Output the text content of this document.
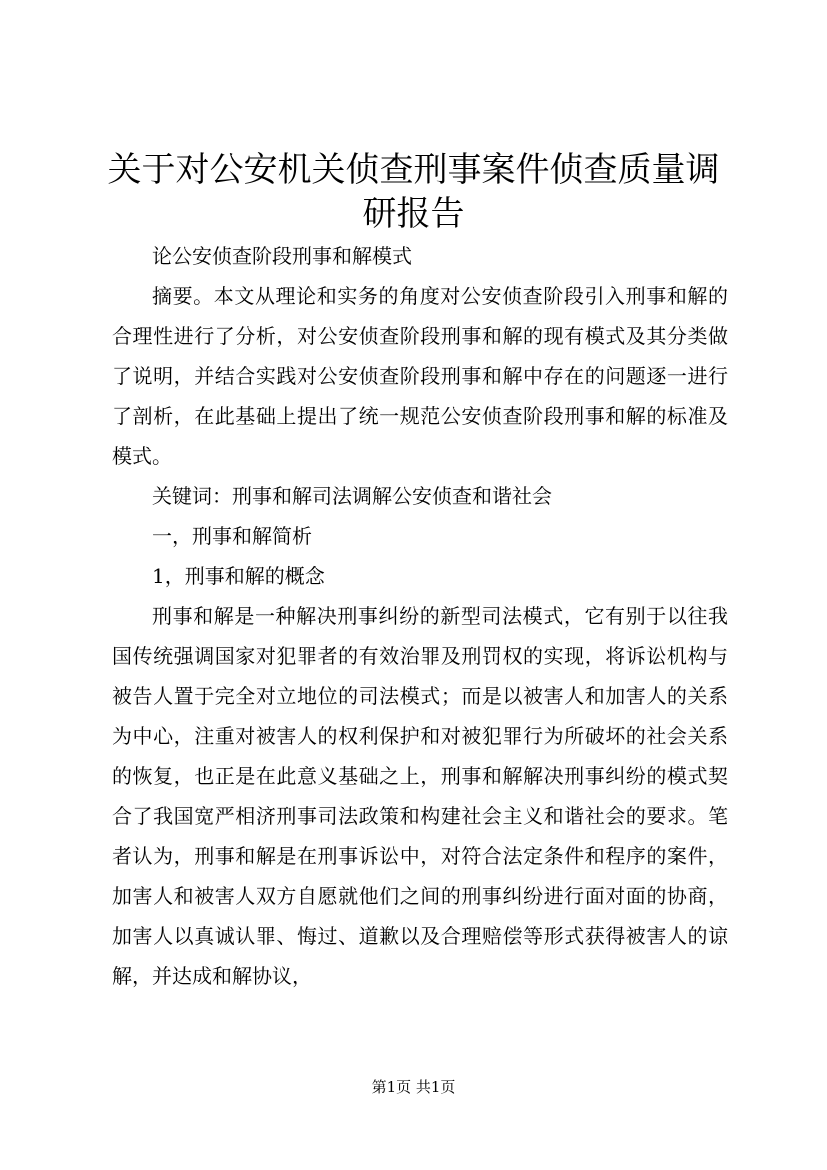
关于对公安机关侦查刑事案件侦查质量调研报告

论公安侦查阶段刑事和解模式

摘要。本文从理论和实务的角度对公安侦查阶段引入刑事和解的合理性进行了分析，对公安侦查阶段刑事和解的现有模式及其分类做了说明，并结合实践对公安侦查阶段刑事和解中存在的问题逐一进行了剖析，在此基础上提出了统一规范公安侦查阶段刑事和解的标准及模式。

关键词：刑事和解司法调解公安侦查和谐社会

一，刑事和解简析

1，刑事和解的概念

刑事和解是一种解决刑事纠纷的新型司法模式，它有别于以往我国传统强调国家对犯罪者的有效治罪及刑罚权的实现，将诉讼机构与被告人置于完全对立地位的司法模式；而是以被害人和加害人的关系为中心，注重对被害人的权利保护和对被犯罪行为所破坏的社会关系的恢复，也正是在此意义基础之上，刑事和解解决刑事纠纷的模式契合了我国宽严相济刑事司法政策和构建社会主义和谐社会的要求。笔者认为，刑事和解是在刑事诉讼中，对符合法定条件和程序的案件，加害人和被害人双方自愿就他们之间的刑事纠纷进行面对面的协商，加害人以真诚认罪、悔过、道歉以及合理赔偿等形式获得被害人的谅解，并达成和解协议，

第1页 共1页
